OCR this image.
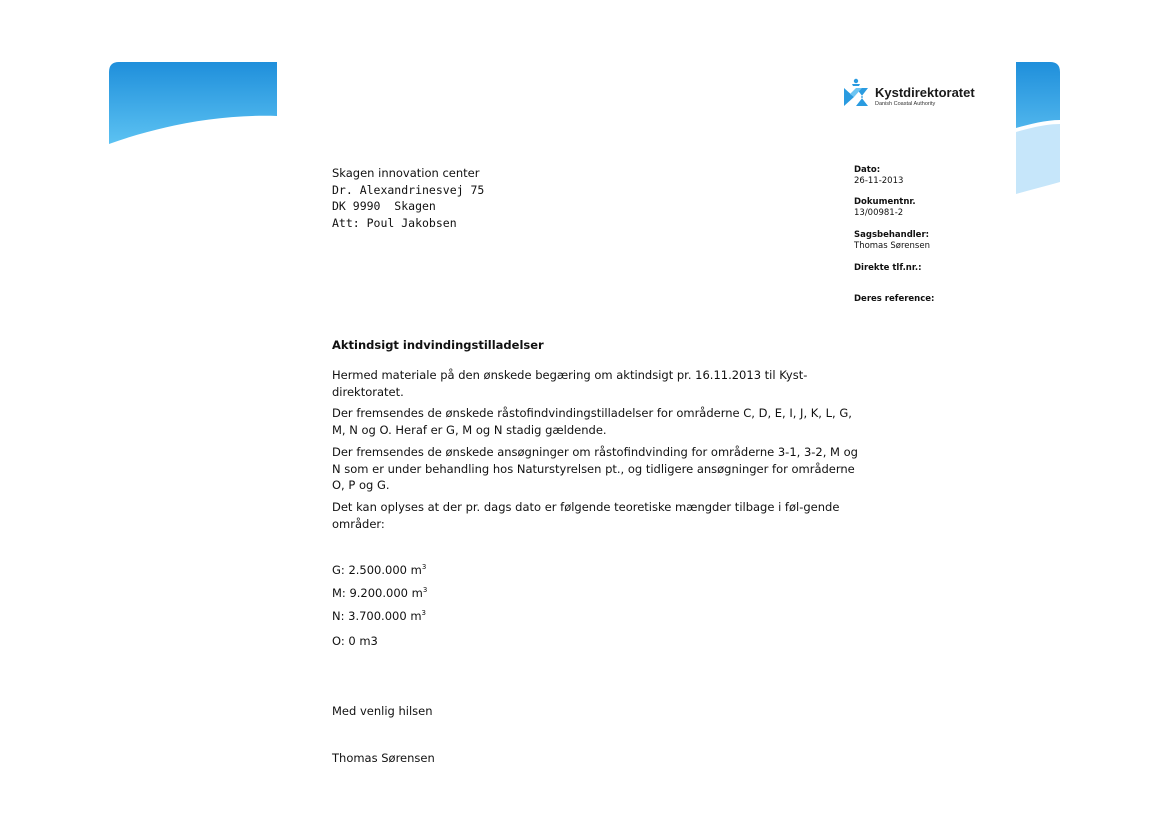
Kystdirektoratet
Danish Coastal Authority
Skagen innovation center
Dr. Alexandrinesvej 75
DK 9990  Skagen
Att: Poul Jakobsen
Dato:
26-11-2013
Dokumentnr.
13/00981-2
Sagsbehandler:
Thomas Sørensen
Direkte tlf.nr.:
Deres reference:
Aktindsigt indvindingstilladelser
Hermed materiale på den ønskede begæring om aktindsigt pr. 16.11.2013 til Kyst-direktoratet.
Der fremsendes de ønskede råstofindvindingstilladelser for områderne C, D, E, I, J, K, L, G, M, N og O. Heraf er G, M og N stadig gældende.
Der fremsendes de ønskede ansøgninger om råstofindvinding for områderne 3-1, 3-2, M og N som er under behandling hos Naturstyrelsen pt., og tidligere ansøgninger for områderne O, P og G.
Det kan oplyses at der pr. dags dato er følgende teoretiske mængder tilbage i føl-gende områder:
G: 2.500.000 $m^3$
M: 9.200.000 $m^3$
N: 3.700.000 $m^3$
O: 0 m3
Med venlig hilsen
Thomas Sørensen
